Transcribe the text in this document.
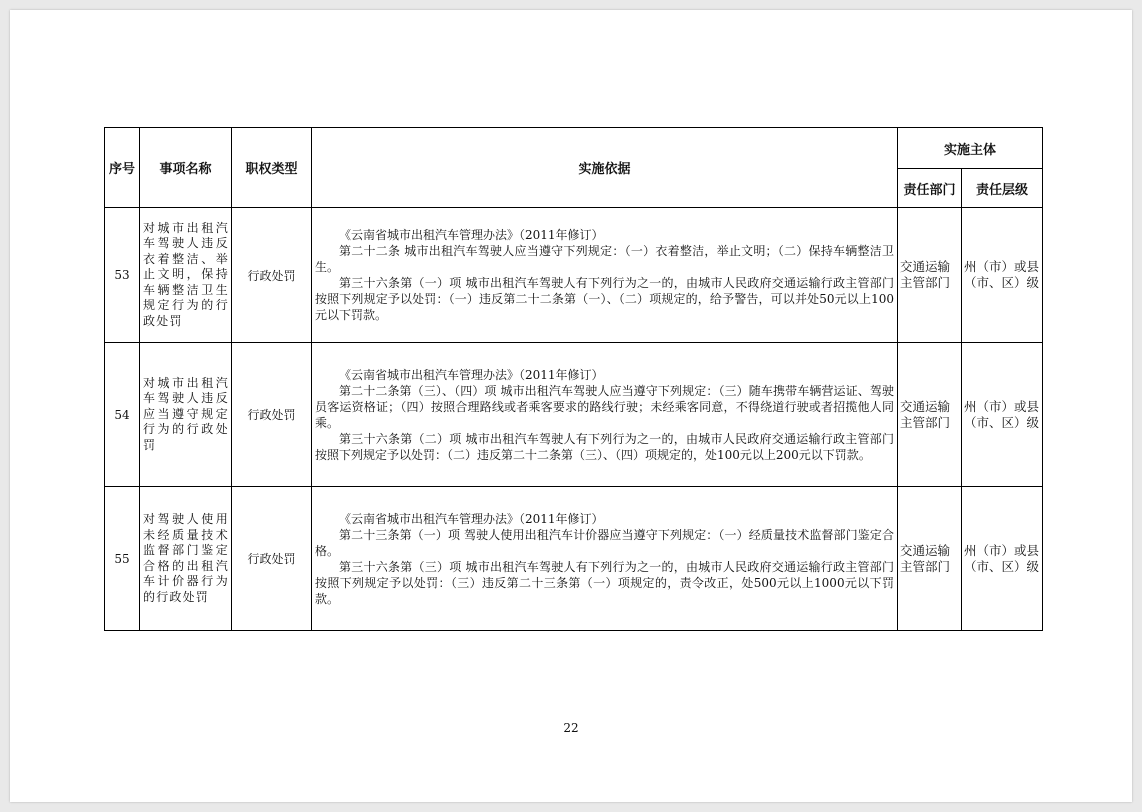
序号	事项名称	职权类型	实施依据	实施主体	
				责任部门	责任层级
53	对城市出租汽车驾驶人违反衣着整洁、举止文明，保持车辆整洁卫生规定行为的行政处罚	行政处罚	《云南省城市出租汽车管理办法》（2011年修订）

第二十二条 城市出租汽车驾驶人应当遵守下列规定：（一）衣着整洁，举止文明；（二）保持车辆整洁卫生。

第三十六条第（一）项 城市出租汽车驾驶人有下列行为之一的，由城市人民政府交通运输行政主管部门按照下列规定予以处罚：（一）违反第二十二条第（一）、（二）项规定的，给予警告，可以并处50元以上100元以下罚款。	交通运输主管部门	州（市）或县（市、区）级
54	对城市出租汽车驾驶人违反应当遵守规定行为的行政处罚	行政处罚	《云南省城市出租汽车管理办法》（2011年修订）

第二十二条第（三）、（四）项 城市出租汽车驾驶人应当遵守下列规定：（三）随车携带车辆营运证、驾驶员客运资格证；（四）按照合理路线或者乘客要求的路线行驶；未经乘客同意，不得绕道行驶或者招揽他人同乘。

第三十六条第（二）项 城市出租汽车驾驶人有下列行为之一的，由城市人民政府交通运输行政主管部门按照下列规定予以处罚：（二）违反第二十二条第（三）、（四）项规定的，处100元以上200元以下罚款。	交通运输主管部门	州（市）或县（市、区）级
55	对驾驶人使用未经质量技术监督部门鉴定合格的出租汽车计价器行为的行政处罚	行政处罚	《云南省城市出租汽车管理办法》（2011年修订）

第二十三条第（一）项 驾驶人使用出租汽车计价器应当遵守下列规定：（一）经质量技术监督部门鉴定合格。

第三十六条第（三）项 城市出租汽车驾驶人有下列行为之一的，由城市人民政府交通运输行政主管部门按照下列规定予以处罚：（三）违反第二十三条第（一）项规定的，责令改正，处500元以上1000元以下罚款。	交通运输主管部门	州（市）或县（市、区）级
22
